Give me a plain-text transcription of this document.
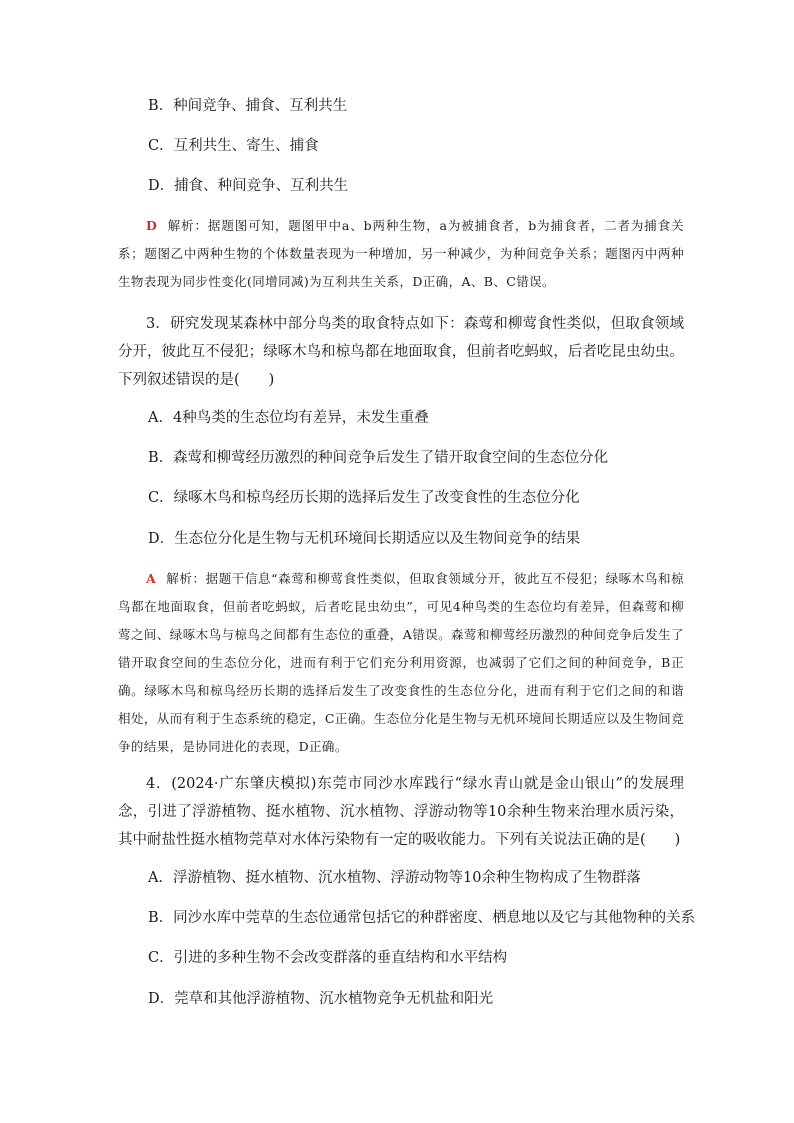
B．种间竞争、捕食、互利共生
C．互利共生、寄生、捕食
D．捕食、种间竞争、互利共生
D 解析：据题图可知，题图甲中a、b两种生物，a为被捕食者，b为捕食者，二者为捕食关系；题图乙中两种生物的个体数量表现为一种增加，另一种减少，为种间竞争关系；题图丙中两种生物表现为同步性变化(同增同减)为互利共生关系，D正确，A、B、C错误。
3．研究发现某森林中部分鸟类的取食特点如下：森莺和柳莺食性类似，但取食领域分开，彼此互不侵犯；绿啄木鸟和椋鸟都在地面取食，但前者吃蚂蚁，后者吃昆虫幼虫。下列叙述错误的是(　　)
A．4种鸟类的生态位均有差异，未发生重叠
B．森莺和柳莺经历激烈的种间竞争后发生了错开取食空间的生态位分化
C．绿啄木鸟和椋鸟经历长期的选择后发生了改变食性的生态位分化
D．生态位分化是生物与无机环境间长期适应以及生物间竞争的结果
A 解析：据题干信息“森莺和柳莺食性类似，但取食领域分开，彼此互不侵犯；绿啄木鸟和椋鸟都在地面取食，但前者吃蚂蚁，后者吃昆虫幼虫”，可见4种鸟类的生态位均有差异，但森莺和柳莺之间、绿啄木鸟与椋鸟之间都有生态位的重叠，A错误。森莺和柳莺经历激烈的种间竞争后发生了错开取食空间的生态位分化，进而有利于它们充分利用资源，也减弱了它们之间的种间竞争，B正确。绿啄木鸟和椋鸟经历长期的选择后发生了改变食性的生态位分化，进而有利于它们之间的和谐相处，从而有利于生态系统的稳定，C正确。生态位分化是生物与无机环境间长期适应以及生物间竞争的结果，是协同进化的表现，D正确。
4．(2024·广东肇庆模拟)东莞市同沙水库践行“绿水青山就是金山银山”的发展理念，引进了浮游植物、挺水植物、沉水植物、浮游动物等10余种生物来治理水质污染，其中耐盐性挺水植物莞草对水体污染物有一定的吸收能力。下列有关说法正确的是(　　)
A．浮游植物、挺水植物、沉水植物、浮游动物等10余种生物构成了生物群落
B．同沙水库中莞草的生态位通常包括它的种群密度、栖息地以及它与其他物种的关系
C．引进的多种生物不会改变群落的垂直结构和水平结构
D．莞草和其他浮游植物、沉水植物竞争无机盐和阳光
